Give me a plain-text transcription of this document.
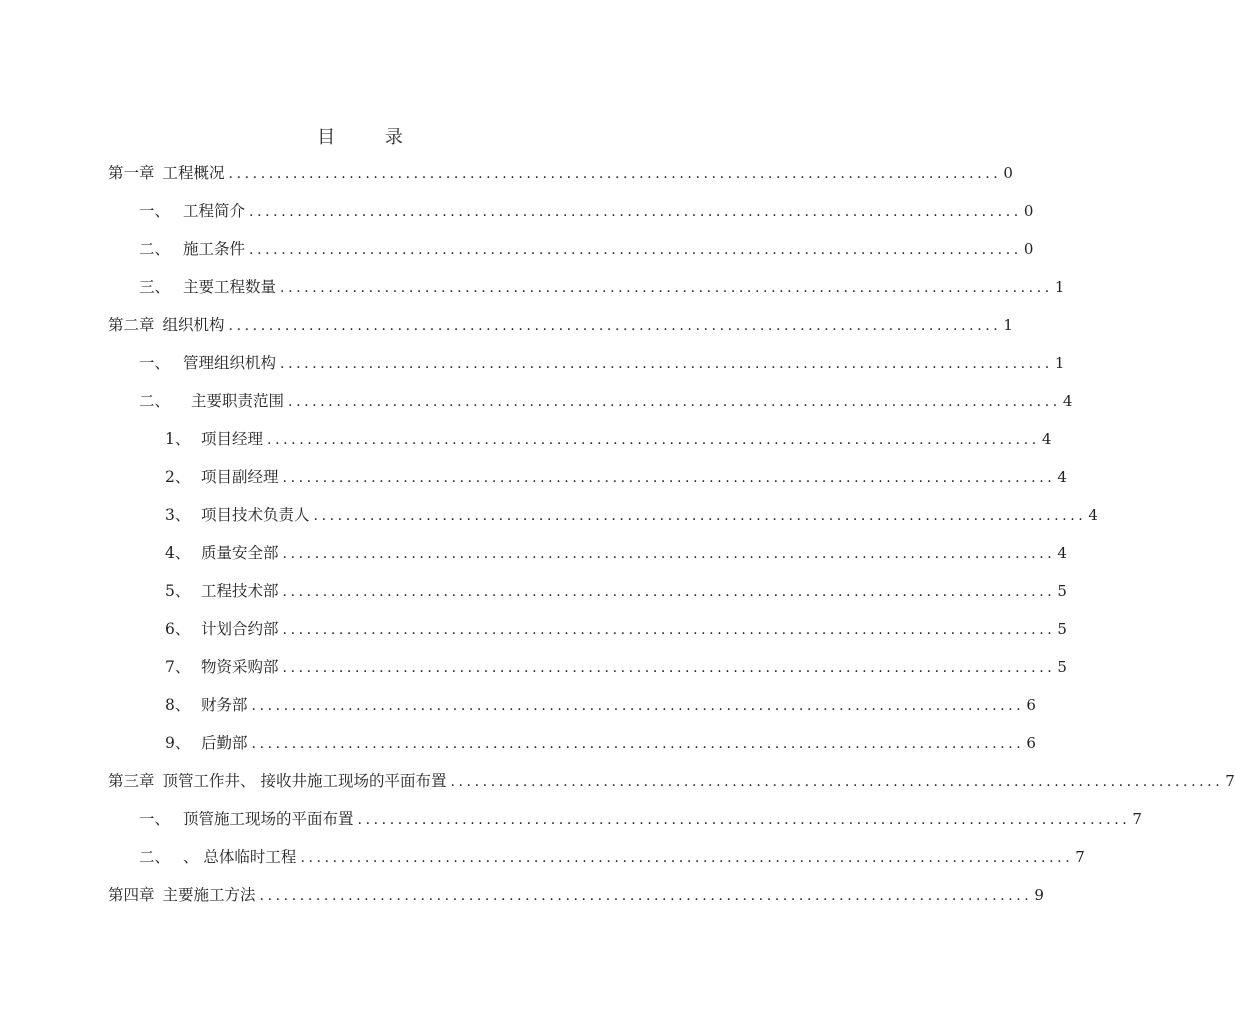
目 录
第一章 工程概况 ................................................................................................ 0
一、 工程简介 ................................................................................................ 0
二、 施工条件 ................................................................................................ 0
三、 主要工程数量 ................................................................................................ 1
第二章 组织机构 ................................................................................................ 1
一、 管理组织机构 ................................................................................................ 1
二、	主要职责范围 ................................................................................................ 4
1、 项目经理 ................................................................................................ 4
2、 项目副经理 ................................................................................................ 4
3、 项目技术负责人 ................................................................................................ 4
4、 质量安全部 ................................................................................................ 4
5、 工程技术部 ................................................................................................ 5
6、 计划合约部 ................................................................................................ 5
7、 物资采购部 ................................................................................................ 5
8、 财务部 ................................................................................................ 6
9、 后勤部 ................................................................................................ 6
第三章 顶管工作井、 接收井施工现场的平面布置 ................................................................................................ 7
一、 顶管施工现场的平面布置 ................................................................................................ 7
二、 、 总体临时工程 ................................................................................................ 7
第四章 主要施工方法 ................................................................................................ 9
